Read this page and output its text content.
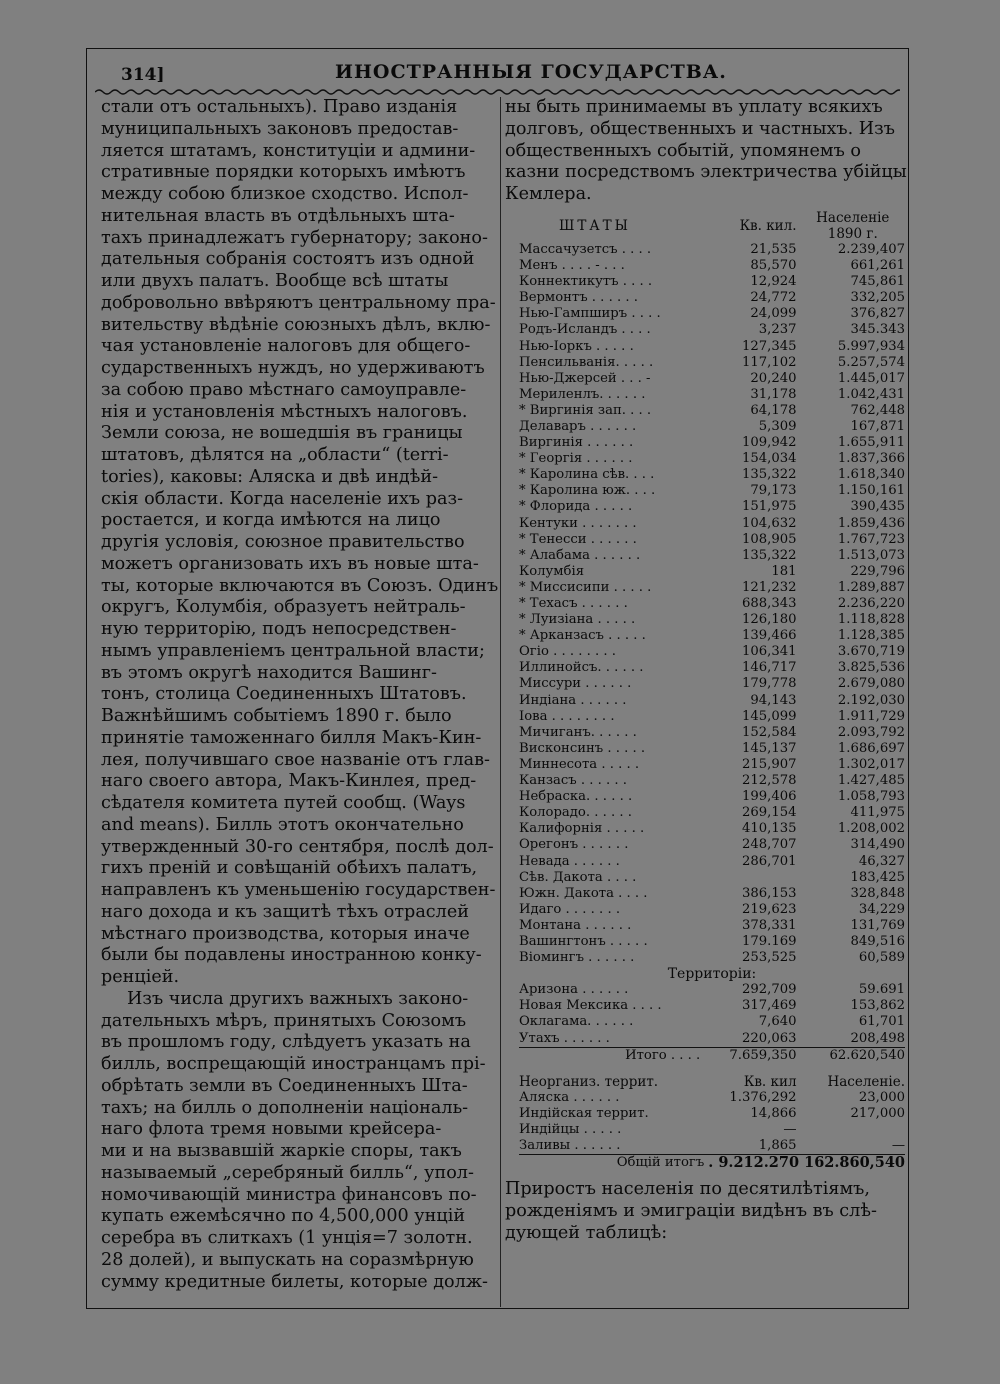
314]	ИНОСТРАННЫЯ ГОСУДАРСТВА.
стали отъ остальныхъ). Право изданія
муниципальныхъ законовъ предостав-
ляется штатамъ, конституціи и админи-
стративные порядки которыхъ имѣютъ
между собою близкое сходство. Испол-
нительная власть въ отдѣльныхъ шта-
тахъ принадлежатъ губернатору; законо-
дательныя собранія состоятъ изъ одной
или двухъ палатъ. Вообще всѣ штаты
добровольно ввѣряютъ центральному пра-
вительству вѣдѣніе союзныхъ дѣлъ, вклю-
чая установленіе налоговъ для общего-
сударственныхъ нуждъ, но удерживаютъ
за собою право мѣстнаго самоуправле-
нія и установленія мѣстныхъ налоговъ.
Земли союза, не вошедшія въ границы
штатовъ, дѣлятся на „области“ (terri-
tories), каковы: Аляска и двѣ индѣй-
скія области. Когда населеніе ихъ раз-
ростается, и когда имѣются на лицо
другія условія, союзное правительство
можетъ организовать ихъ въ новые шта-
ты, которые включаются въ Союзъ. Одинъ
округъ, Колумбія, образуетъ нейтраль-
ную территорію, подъ непосредствен-
нымъ управленіемъ центральной власти;
въ этомъ округѣ находится Вашинг-
тонъ, столица Соединенныхъ Штатовъ.
Важнѣйшимъ событіемъ 1890 г. было
принятіе таможеннаго билля Макъ-Кин-
лея, получившаго свое названіе отъ глав-
наго своего автора, Макъ-Кинлея, пред-
сѣдателя комитета путей сообщ. (Ways
and means). Билль этотъ окончательно
утвержденный 30-го сентября, послѣ дол-
гихъ преній и совѣщаній обѣихъ палатъ,
направленъ къ уменьшенію государствен-
наго дохода и къ защитѣ тѣхъ отраслей
мѣстнаго производства, которыя иначе
были бы подавлены иностранною конку-
ренціей.
Изъ числа другихъ важныхъ законо-
дательныхъ мѣръ, принятыхъ Союзомъ
въ прошломъ году, слѣдуетъ указать на
билль, воспрещающій иностранцамъ прі-
обрѣтать земли въ Соединенныхъ Шта-
тахъ; на билль о дополненіи національ-
наго флота тремя новыми крейсера-
ми и на вызвавшій жаркіе споры, такъ
называемый „серебряный билль“, упол-
номочивающій министра финансовъ по-
купать ежемѣсячно по 4,500,000 унцій
серебра въ слиткахъ (1 унція=7 золотн.
28 долей), и выпускать на соразмѣрную
сумму кредитные билеты, которые долж-
ны быть принимаемы въ уплату всякихъ
долговъ, общественныхъ и частныхъ. Изъ
общественныхъ событій, упомянемъ о
казни посредствомъ электричества убійцы
Кемлера.
ШТАТЫ	Кв. кил.	Населеніе 1890 г.
Массачузетсъ . . . .	21,535	2.239,407
Менъ . . . . - . . .	85,570	661,261
Коннектикутъ . . . .	12,924	745,861
Вермонтъ . . . . . .	24,772	332,205
Нью-Гампширъ . . . .	24,099	376,827
Родъ-Исландъ . . . .	3,237	345.343
Нью-Іоркъ . . . . .	127,345	5.997,934
Пенсильванія. . . . .	117,102	5.257,574
Нью-Джерсей . . . -	20,240	1.445,017
Мериленлъ. . . . . .	31,178	1.042,431
* Виргинія зап. . . .	64,178	762,448
Делаваръ . . . . . .	5,309	167,871
Виргинія . . . . . .	109,942	1.655,911
* Георгія . . . . . .	154,034	1.837,366
* Каролина сѣв. . . .	135,322	1.618,340
* Каролина юж. . . .	79,173	1.150,161
* Флорида . . . . .	151,975	390,435
Кентуки . . . . . . .	104,632	1.859,436
* Тенесси . . . . . .	108,905	1.767,723
* Алабама . . . . . .	135,322	1.513,073
Колумбія	181	229,796
* Миссисипи . . . . .	121,232	1.289,887
* Техасъ . . . . . .	688,343	2.236,220
* Луизіана . . . . .	126,180	1.118,828
* Арканзасъ . . . . .	139,466	1.128,385
Огіо . . . . . . . .	106,341	3.670,719
Иллинойсъ. . . . . .	146,717	3.825,536
Миссури . . . . . .	179,778	2.679,080
Индіана . . . . . .	94,143	2.192,030
Іова . . . . . . . .	145,099	1.911,729
Мичиганъ. . . . . .	152,584	2.093,792
Висконсинъ . . . . .	145,137	1.686,697
Миннесота . . . . .	215,907	1.302,017
Канзасъ . . . . . .	212,578	1.427,485
Небраска. . . . . .	199,406	1.058,793
Колорадо. . . . . .	269,154	411,975
Калифорнія . . . . .	410,135	1.208,002
Орегонъ . . . . . .	248,707	314,490
Невада . . . . . .	286,701	46,327
Сѣв. Дакота . . . .		183,425
Южн. Дакота . . . .	386,153	328,848
Идаго . . . . . . .	219,623	34,229
Монтана . . . . . .	378,331	131,769
Вашингтонъ . . . . .	179.169	849,516
Віомингъ . . . . . .	253,525	60,589
Территоріи:		
Аризона . . . . . .	292,709	59.691
Новая Мексика . . . .	317,469	153,862
Оклагама. . . . . .	7,640	61,701
Утахъ . . . . . .	220,063	208,498
Итого . . . .	7.659,350	62.620,540

Неорганиз. террит.	Кв. кил	Населеніе.
Аляска . . . . . .	1.376,292	23,000
Индійская террит.	14,866	217,000
Индійцы . . . . .	—	
Заливы . . . . . .	1,865	—
Общій итогъ	. 9.212.270 162.860,540	
Приростъ населенія по десятилѣтіямъ,
рожденіямъ и эмиграціи видѣнъ въ слѣ-
дующей таблицѣ:
